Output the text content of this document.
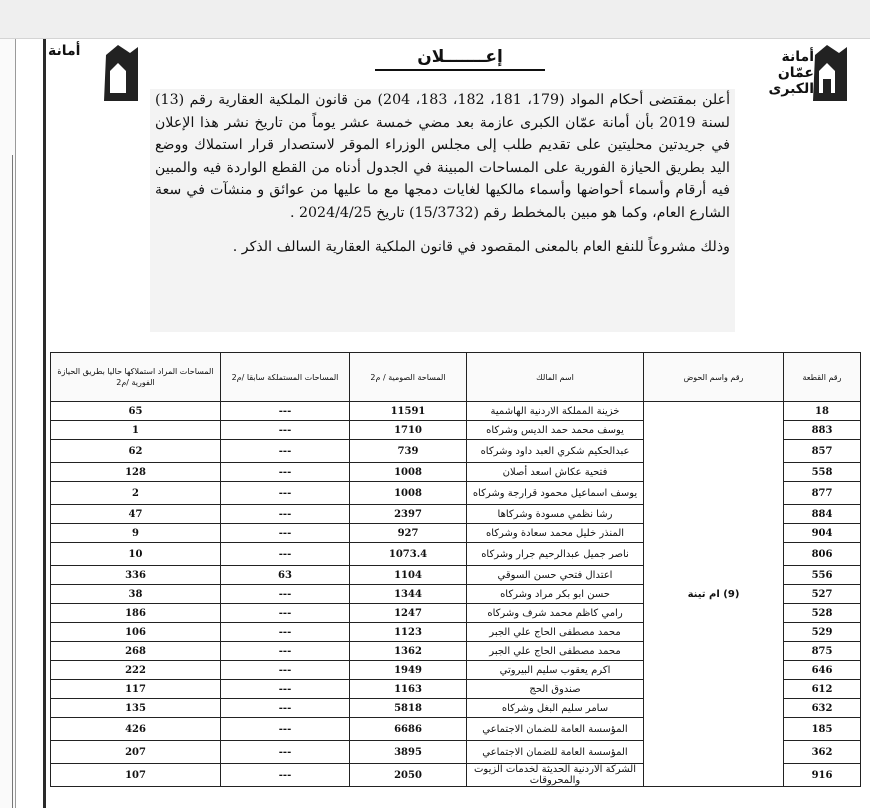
أمانة عمّان الكبرى
أمانة	إعـــــــلان

أعلن بمقتضى أحكام المواد (179، 181، 182، 183، 204) من قانون الملكية العقارية رقم (13) لسنة 2019 بأن أمانة عمّان الكبرى عازمة بعد مضي خمسة عشر يوماً من تاريخ نشر هذا الإعلان في جريدتين محليتين على تقديم طلب إلى مجلس الوزراء الموقر لاستصدار قرار استملاك ووضع اليد بطريق الحيازة الفورية على المساحات المبينة في الجدول أدناه من القطع الواردة فيه والمبين فيه أرقام وأسماء أحواضها وأسماء مالكيها لغايات دمجها مع ما عليها من عوائق و منشآت في سعة الشارع العام، وكما هو مبين بالمخطط رقم (15/3732) تاريخ 2024/4/25 .

وذلك مشروعاً للنفع العام بالمعنى المقصود في قانون الملكية العقارية السالف الذكر .

رقم القطعة	رقم واسم الحوض	اسم المالك	المساحة الصومية / م2	المساحات المستملكة سابقا /م2	المساحات المراد استملاكها حاليا بطريق الحيازة الفورية /م2
18	(9) ام تينة	خزينة المملكة الاردنية الهاشمية	11591	---	65
883		يوسف محمد حمد الديس وشركاه	1710	---	1
857		عبدالحكيم شكري العبد داود وشركاه	739	---	62
558		فتحية عكاش اسعد أصلان	1008	---	128
877		يوسف اسماعيل محمود قرارجة وشركاه	1008	---	2
884		رشا نظمي مسودة وشركاها	2397	---	47
904		المنذر خليل محمد سعادة وشركاه	927	---	9
806		ناصر جميل عبدالرحيم جرار وشركاه	1073.4	---	10
556		اعتدال فتحي حسن السوقي	1104	63	336
527		حسن ابو بكر مراد وشركاه	1344	---	38
528		رامي كاظم محمد شرف وشركاه	1247	---	186
529		محمد مصطفى الحاج علي الجبر	1123	---	106
875		محمد مصطفى الحاج علي الجبر	1362	---	268
646		اكرم يعقوب سليم البيروتي	1949	---	222
612		صندوق الحج	1163	---	117
632		سامر سليم البغل وشركاه	5818	---	135
185		المؤسسة العامة للضمان الاجتماعي	6686	---	426
362		المؤسسة العامة للضمان الاجتماعي	3895	---	207
916		الشركة الاردنية الحديثة لخدمات الزيوت والمحروقات	2050	---	107
